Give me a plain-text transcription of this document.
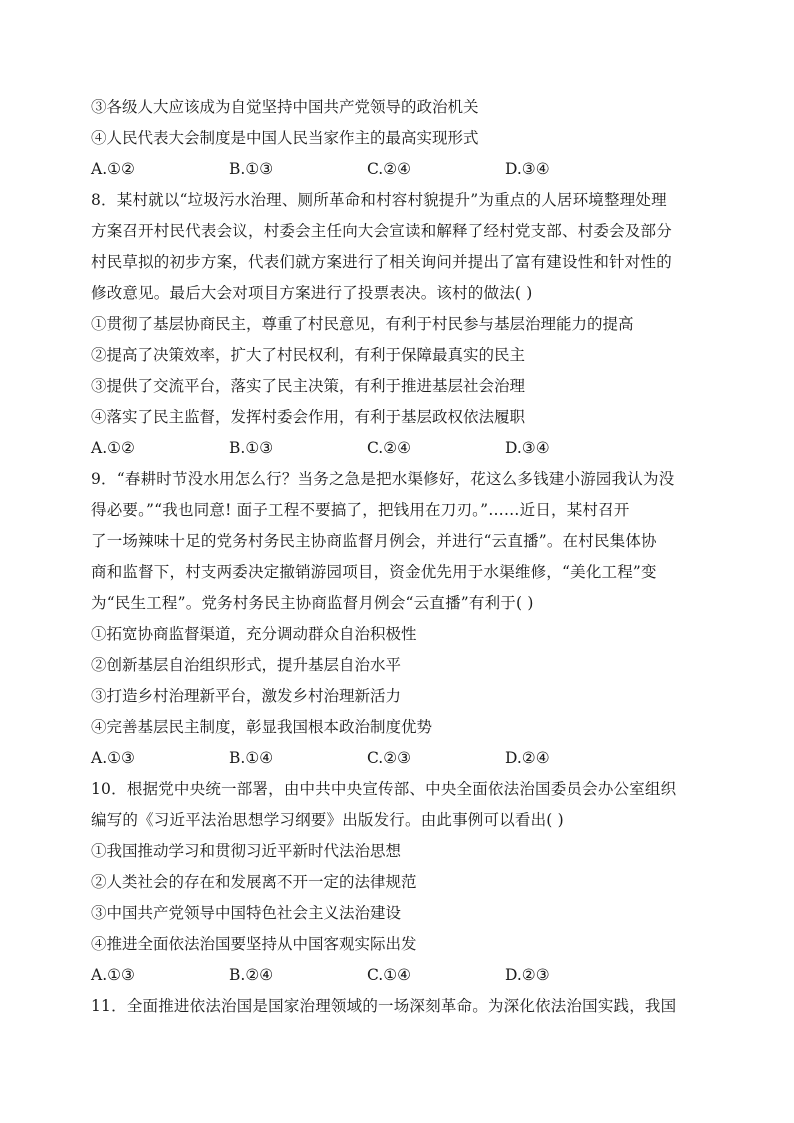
③各级人大应该成为自觉坚持中国共产党领导的政治机关
④人民代表大会制度是中国人民当家作主的最高实现形式
A.①②	B.①③	C.②④	D.③④
8．某村就以“垃圾污水治理、厕所革命和村容村貌提升”为重点的人居环境整理处理
方案召开村民代表会议，村委会主任向大会宣读和解释了经村党支部、村委会及部分
村民草拟的初步方案，代表们就方案进行了相关询问并提出了富有建设性和针对性的
修改意见。最后大会对项目方案进行了投票表决。该村的做法( )
①贯彻了基层协商民主，尊重了村民意见，有利于村民参与基层治理能力的提高
②提高了决策效率，扩大了村民权利，有利于保障最真实的民主
③提供了交流平台，落实了民主决策，有利于推进基层社会治理
④落实了民主监督，发挥村委会作用，有利于基层政权依法履职
A.①②	B.①③	C.②④	D.③④
9．“春耕时节没水用怎么行？当务之急是把水渠修好，花这么多钱建小游园我认为没
得必要。”“我也同意! 面子工程不要搞了，把钱用在刀刃。”……近日，某村召开
了一场辣味十足的党务村务民主协商监督月例会，并进行“云直播”。在村民集体协
商和监督下，村支两委决定撤销游园项目，资金优先用于水渠维修，“美化工程”变
为“民生工程”。党务村务民主协商监督月例会“云直播”有利于( )
①拓宽协商监督渠道，充分调动群众自治积极性
②创新基层自治组织形式，提升基层自治水平
③打造乡村治理新平台，激发乡村治理新活力
④完善基层民主制度，彰显我国根本政治制度优势
A.①③	B.①④	C.②③	D.②④
10．根据党中央统一部署，由中共中央宣传部、中央全面依法治国委员会办公室组织
编写的《习近平法治思想学习纲要》出版发行。由此事例可以看出( )
①我国推动学习和贯彻习近平新时代法治思想
②人类社会的存在和发展离不开一定的法律规范
③中国共产党领导中国特色社会主义法治建设
④推进全面依法治国要坚持从中国客观实际出发
A.①③	B.②④	C.①④	D.②③
11．全面推进依法治国是国家治理领域的一场深刻革命。为深化依法治国实践，我国
